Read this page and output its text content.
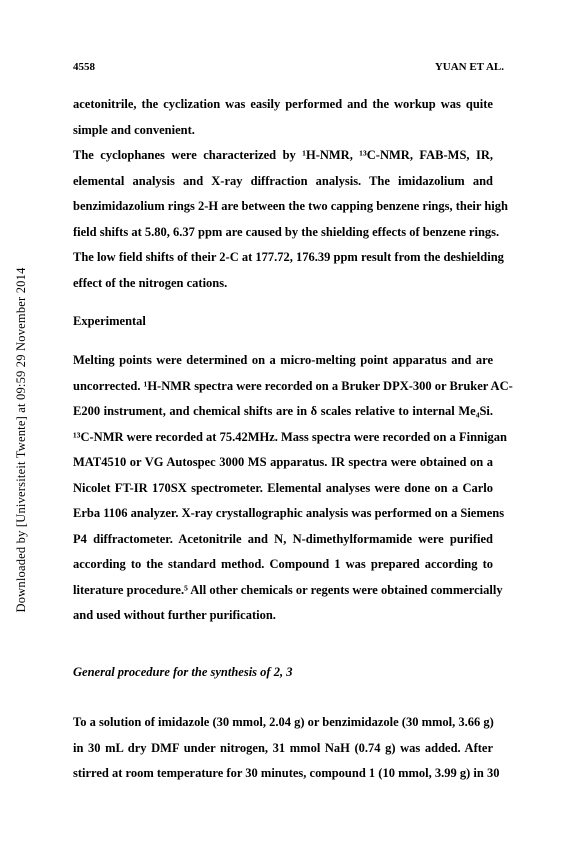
Downloaded by [Universiteit Twente] at 09:59 29 November 2014
4558	YUAN ET AL.
acetonitrile, the cyclization was easily performed and the workup was quite
simple and convenient.
The cyclophanes were characterized by ¹H-NMR, ¹³C-NMR, FAB-MS, IR,
elemental analysis and X-ray diffraction analysis. The imidazolium and
benzimidazolium rings 2-H are between the two capping benzene rings, their high
field shifts at 5.80, 6.37 ppm are caused by the shielding effects of benzene rings.
The low field shifts of their 2-C at 177.72, 176.39 ppm result from the deshielding
effect of the nitrogen cations.
Experimental
Melting points were determined on a micro-melting point apparatus and are
uncorrected. ¹H-NMR spectra were recorded on a Bruker DPX-300 or Bruker AC-
E200 instrument, and chemical shifts are in δ scales relative to internal Me₄Si.
¹³C-NMR were recorded at 75.42MHz. Mass spectra were recorded on a Finnigan
MAT4510 or VG Autospec 3000 MS apparatus. IR spectra were obtained on a
Nicolet FT-IR 170SX spectrometer. Elemental analyses were done on a Carlo
Erba 1106 analyzer. X-ray crystallographic analysis was performed on a Siemens
P4 diffractometer. Acetonitrile and N, N-dimethylformamide were purified
according to the standard method. Compound 1 was prepared according to
literature procedure.⁵ All other chemicals or regents were obtained commercially
and used without further purification.
General procedure for the synthesis of 2, 3
To a solution of imidazole (30 mmol, 2.04 g) or benzimidazole (30 mmol, 3.66 g)
in 30 mL dry DMF under nitrogen, 31 mmol NaH (0.74 g) was added. After
stirred at room temperature for 30 minutes, compound 1 (10 mmol, 3.99 g) in 30
